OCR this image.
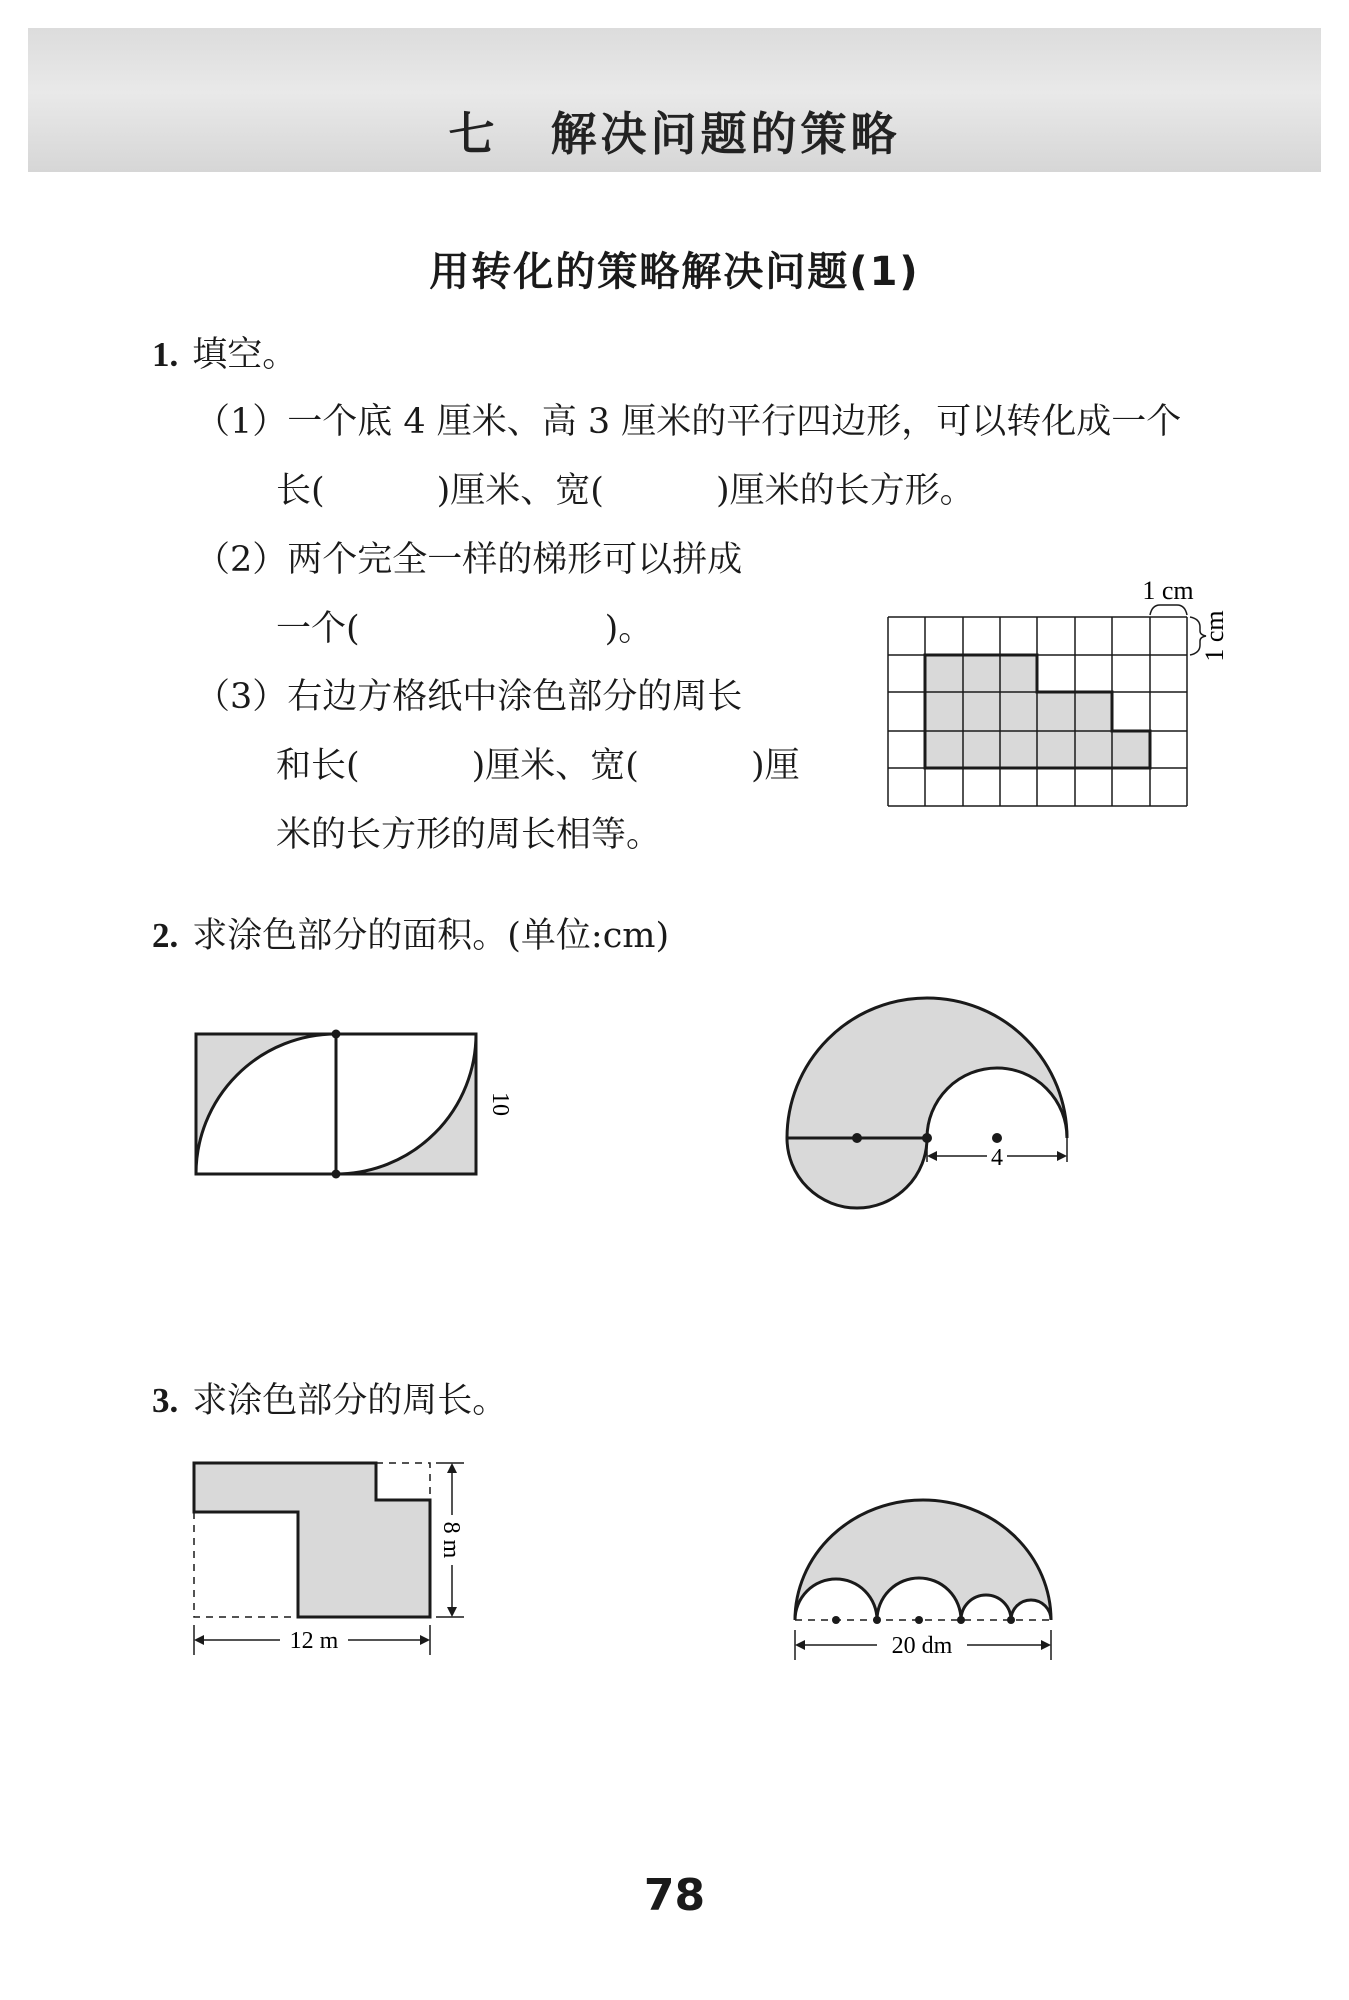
七 解决问题的策略
用转化的策略解决问题(1)
1. 填空。
（1）一个底 4 厘米、高 3 厘米的平行四边形，可以转化成一个
长(	)厘米、宽(	)厘米的长方形。
（2）两个完全一样的梯形可以拼成
一个(	)。
（3）右边方格纸中涂色部分的周长
和长(	)厘米、宽(	)厘
米的长方形的周长相等。
1 cm
1 cm
2. 求涂色部分的面积。(单位:cm)
10
4
3. 求涂色部分的周长。
8 m
12 m	20 dm
78
